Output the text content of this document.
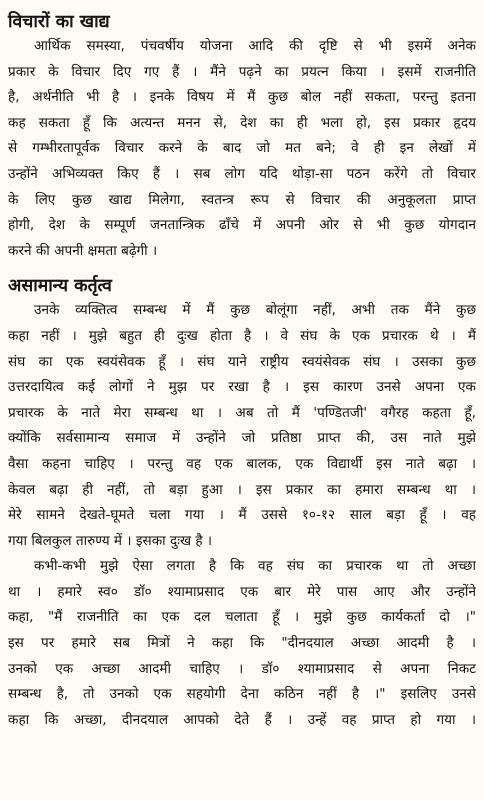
विचारों का खाद्य
आर्थिक समस्या, पंचवर्षीय योजना आदि की दृष्टि से भी इसमें अनेक
प्रकार के विचार दिए गए हैं । मैंने पढ़ने का प्रयत्न किया । इसमें राजनीति
है, अर्थनीति भी है । इनके विषय में मैं कुछ बोल नहीं सकता, परन्तु इतना
कह सकता हूँ कि अत्यन्त मनन से, देश का ही भला हो, इस प्रकार हृदय
से गम्भीरतापूर्वक विचार करने के बाद जो मत बने; वे ही इन लेखों में
उन्होंने अभिव्यक्त किए हैं । सब लोग यदि थोड़ा-सा पठन करेंगे तो विचार
के लिए कुछ खाद्य मिलेगा, स्वतन्त्र रूप से विचार की अनुकूलता प्राप्त
होगी, देश के सम्पूर्ण जनतान्त्रिक ढाँचे में अपनी ओर से भी कुछ योगदान
करने की अपनी क्षमता बढ़ेगी ।
असामान्य कर्तृत्व
उनके व्यक्तित्व सम्बन्ध में मैं कुछ बोलूंगा नहीं, अभी तक मैंने कुछ
कहा नहीं । मुझे बहुत ही दुःख होता है । वे संघ के एक प्रचारक थे । मैं
संघ का एक स्वयंसेवक हूँ । संघ याने राष्ट्रीय स्वयंसेवक संघ । उसका कुछ
उत्तरदायित्व कई लोगों ने मुझ पर रखा है । इस कारण उनसे अपना एक
प्रचारक के नाते मेरा सम्बन्ध था । अब तो मैं 'पण्डितजी' वगैरह कहता हूँ,
क्योंकि सर्वसामान्य समाज में उन्होंने जो प्रतिष्ठा प्राप्त की, उस नाते मुझे
वैसा कहना चाहिए । परन्तु वह एक बालक, एक विद्यार्थी इस नाते बढ़ा ।
केवल बढ़ा ही नहीं, तो बड़ा हुआ । इस प्रकार का हमारा सम्बन्ध था ।
मेरे सामने देखते-घूमते चला गया । मैं उससे १०-१२ साल बड़ा हूँ । वह
गया बिलकुल तारुण्य में । इसका दुःख है ।
कभी-कभी मुझे ऐसा लगता है कि वह संघ का प्रचारक था तो अच्छा
था । हमारे स्व० डॉ० श्यामाप्रसाद एक बार मेरे पास आए और उन्होंने
कहा, "मैं राजनीति का एक दल चलाता हूँ । मुझे कुछ कार्यकर्ता दो ।"
इस पर हमारे सब मित्रों ने कहा कि "दीनदयाल अच्छा आदमी है ।
उनको एक अच्छा आदमी चाहिए । डॉ० श्यामाप्रसाद से अपना निकट
सम्बन्ध है, तो उनको एक सहयोगी देना कठिन नहीं है ।" इसलिए उनसे
कहा कि अच्छा, दीनदयाल आपको देते हैं । उन्हें वह प्राप्त हो गया ।
